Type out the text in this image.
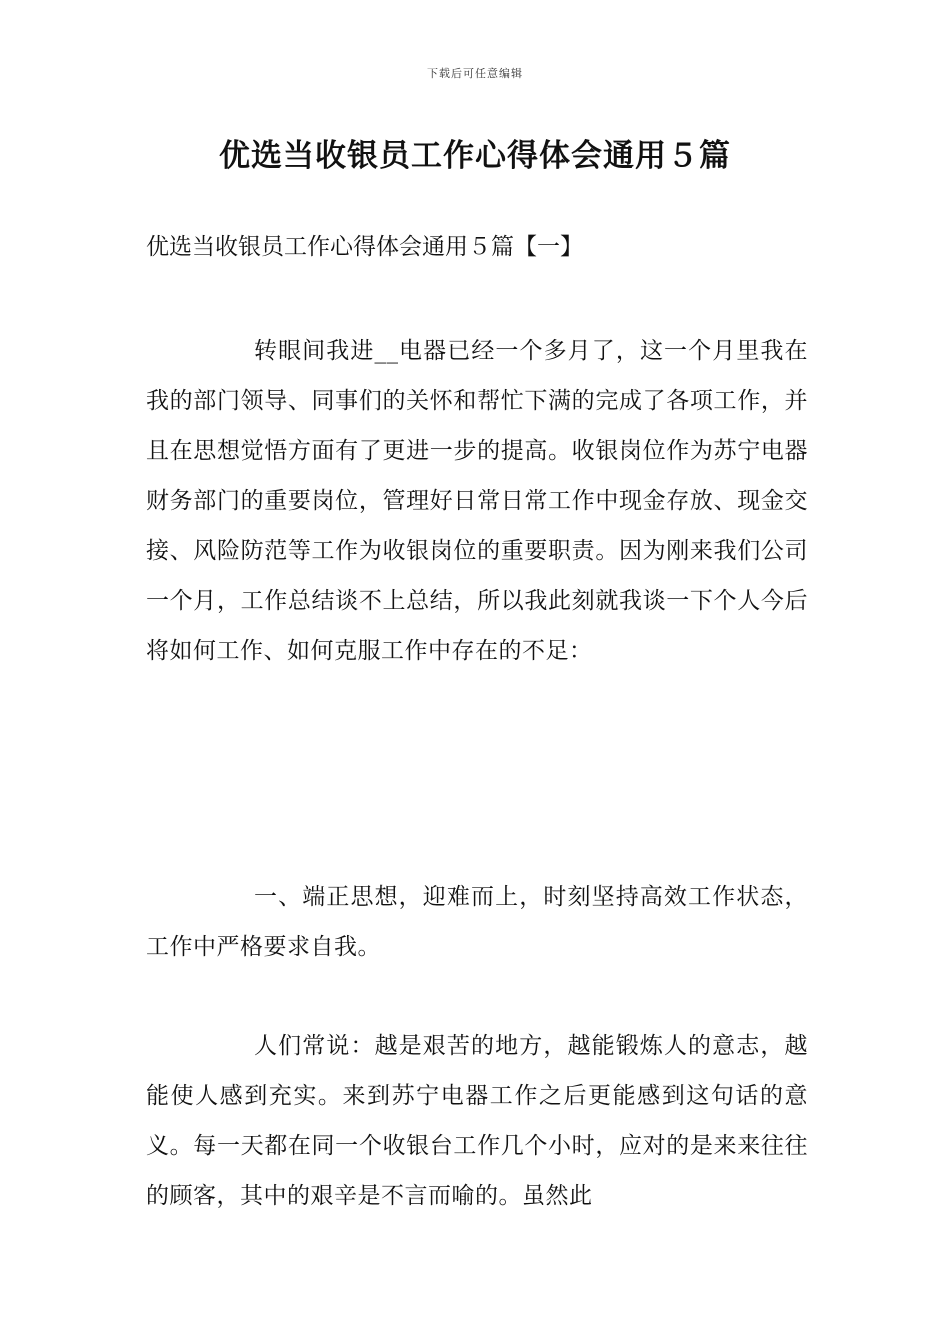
下载后可任意编辑
优选当收银员工作心得体会通用５篇
优选当收银员工作心得体会通用５篇【一】

转眼间我进__电器已经一个多月了，这一个月里我在我的部门领导、同事们的关怀和帮忙下满的完成了各项工作，并且在思想觉悟方面有了更进一步的提高。收银岗位作为苏宁电器财务部门的重要岗位，管理好日常日常工作中现金存放、现金交接、风险防范等工作为收银岗位的重要职责。因为刚来我们公司一个月，工作总结谈不上总结，所以我此刻就我谈一下个人今后将如何工作、如何克服工作中存在的不足：

一、端正思想，迎难而上，时刻坚持高效工作状态，工作中严格要求自我。

人们常说：越是艰苦的地方，越能锻炼人的意志，越能使人感到充实。来到苏宁电器工作之后更能感到这句话的意义。每一天都在同一个收银台工作几个小时，应对的是来来往往的顾客，其中的艰辛是不言而喻的。虽然此
